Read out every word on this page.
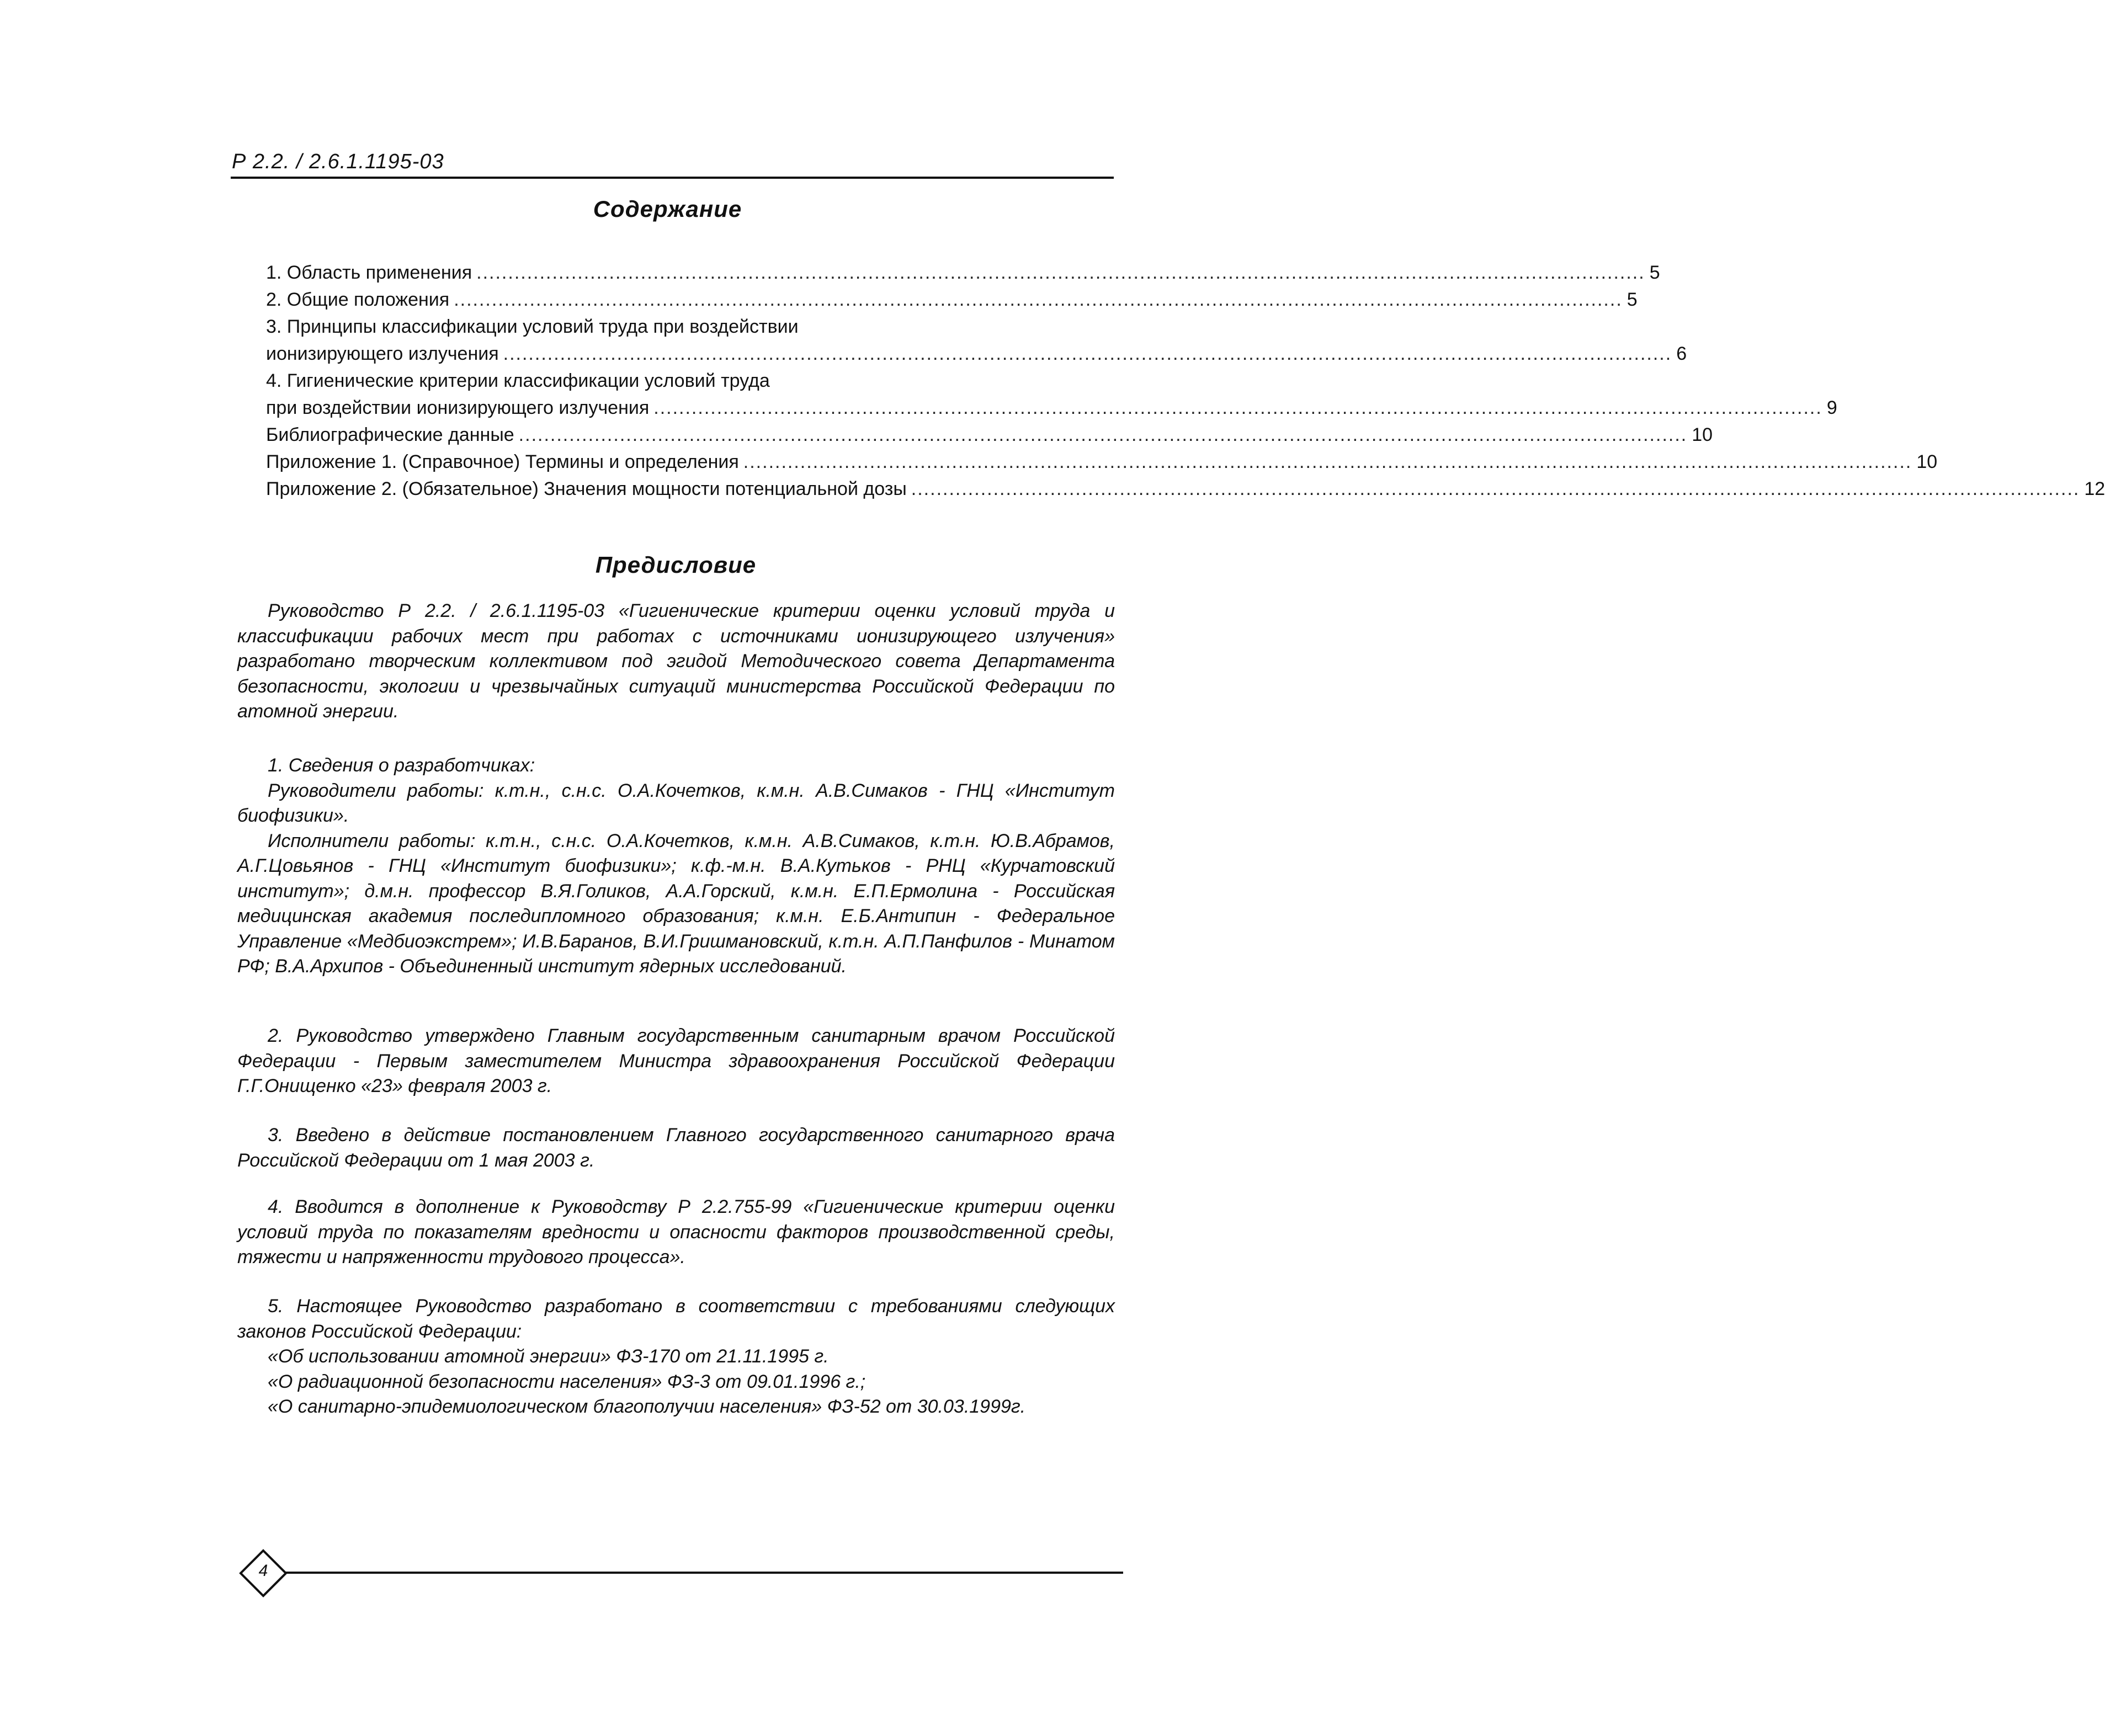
Р 2.2. / 2.6.1.1195-03
Содержание
1. Область применения ......................................................................................................................................................................................... 5
2. Общие положения ......................................................................................................................................................................................... 5
3. Принципы классификации условий труда при воздействии
ионизирующего излучения ......................................................................................................................................................................................... 6
4. Гигиенические критерии классификации условий труда
при воздействии ионизирующего излучения ......................................................................................................................................................................................... 9
Библиографические данные ......................................................................................................................................................................................... 10
Приложение 1. (Справочное) Термины и определения ......................................................................................................................................................................................... 10
Приложение 2. (Обязательное) Значения мощности потенциальной дозы ......................................................................................................................................................................................... 12
Предисловие

Руководство Р 2.2. / 2.6.1.1195-03 «Гигиенические критерии оценки условий труда и классификации рабочих мест при работах с источниками ионизирующего излучения» разработано творческим коллективом под эгидой Методического совета Департамента безопасности, экологии и чрезвычайных ситуаций министерства Российской Федерации по атомной энергии.

1. Сведения о разработчиках:

Руководители работы: к.т.н., с.н.с. О.А.Кочетков, к.м.н. А.В.Симаков - ГНЦ «Институт биофизики».

Исполнители работы: к.т.н., с.н.с. О.А.Кочетков, к.м.н. А.В.Симаков, к.т.н. Ю.В.Абрамов, А.Г.Цовьянов - ГНЦ «Институт биофизики»; к.ф.-м.н. В.А.Кутьков - РНЦ «Курчатовский институт»; д.м.н. профессор В.Я.Голиков, А.А.Горский, к.м.н. Е.П.Ермолина - Российская медицинская академия последипломного образования; к.м.н. Е.Б.Антипин - Федеральное Управление «Медбиоэкстрем»; И.В.Баранов, В.И.Гришмановский, к.т.н. А.П.Панфилов - Минатом РФ; В.А.Архипов - Объединенный институт ядерных исследований.

2. Руководство утверждено Главным государственным санитарным врачом Российской Федерации - Первым заместителем Министра здравоохранения Российской Федерации Г.Г.Онищенко «23» февраля 2003 г.

3. Введено в действие постановлением Главного государственного санитарного врача Российской Федерации от 1 мая 2003 г.

4. Вводится в дополнение к Руководству Р 2.2.755-99 «Гигиенические критерии оценки условий труда по показателям вредности и опасности факторов производственной среды, тяжести и напряженности трудового процесса».

5. Настоящее Руководство разработано в соответствии с требованиями следующих законов Российской Федерации:

«Об использовании атомной энергии» ФЗ-170 от 21.11.1995 г.
«О радиационной безопасности населения» ФЗ-3 от 09.01.1996 г.;
«О санитарно-эпидемиологическом благополучии населения» ФЗ-52 от 30.03.1999г.
4
